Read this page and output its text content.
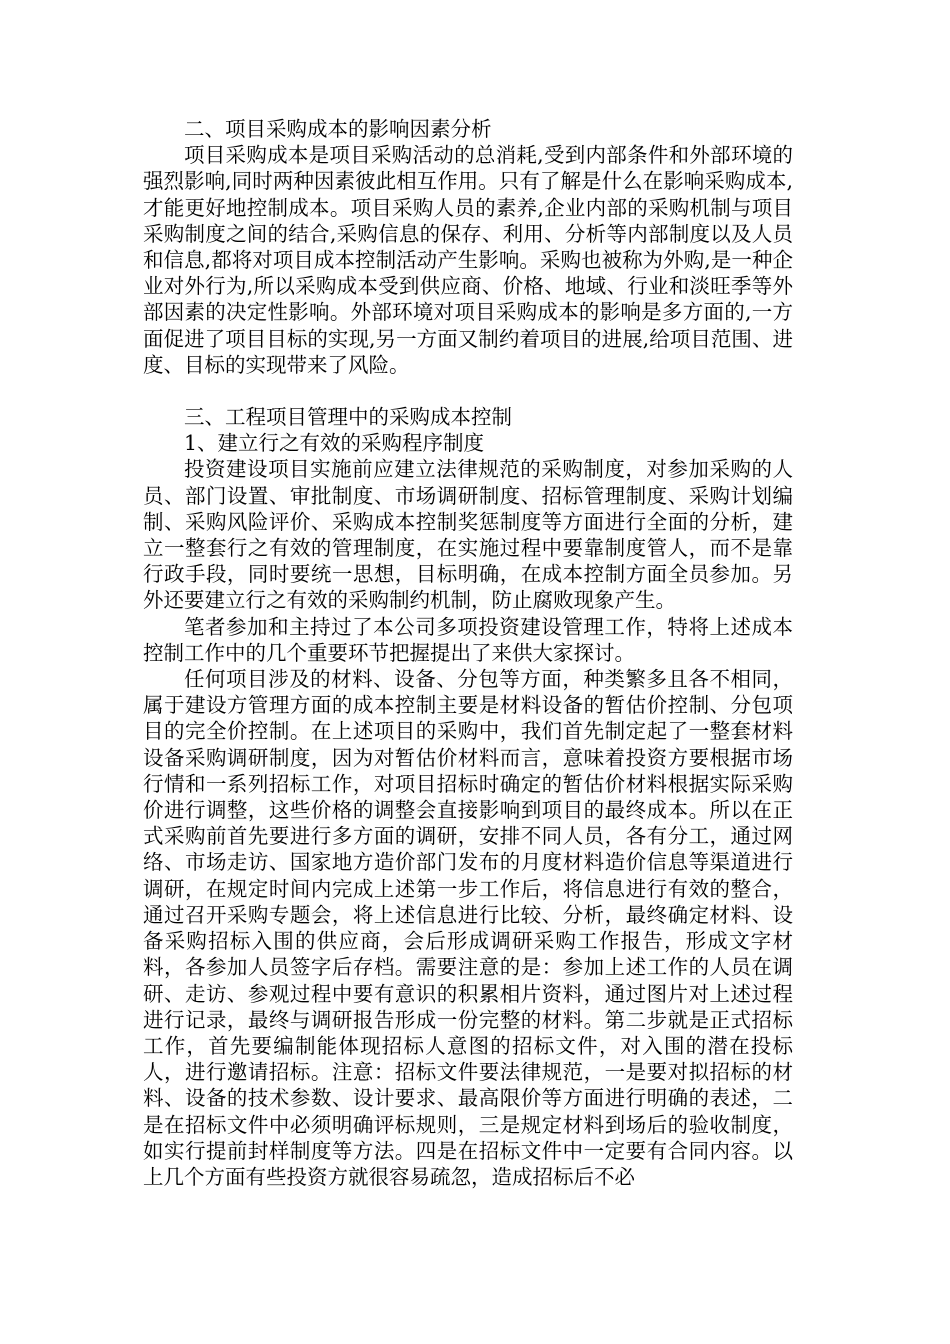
二、项目采购成本的影响因素分析

项目采购成本是项目采购活动的总消耗,受到内部条件和外部环境的强烈影响,同时两种因素彼此相互作用。只有了解是什么在影响采购成本,才能更好地控制成本。项目采购人员的素养,企业内部的采购机制与项目采购制度之间的结合,采购信息的保存、利用、分析等内部制度以及人员和信息,都将对项目成本控制活动产生影响。采购也被称为外购,是一种企业对外行为,所以采购成本受到供应商、价格、地域、行业和淡旺季等外部因素的决定性影响。外部环境对项目采购成本的影响是多方面的,一方面促进了项目目标的实现,另一方面又制约着项目的进展,给项目范围、进度、目标的实现带来了风险。

三、工程项目管理中的采购成本控制

1、建立行之有效的采购程序制度

投资建设项目实施前应建立法律规范的采购制度，对参加采购的人员、部门设置、审批制度、市场调研制度、招标管理制度、采购计划编制、采购风险评价、采购成本控制奖惩制度等方面进行全面的分析，建立一整套行之有效的管理制度，在实施过程中要靠制度管人，而不是靠行政手段，同时要统一思想，目标明确，在成本控制方面全员参加。另外还要建立行之有效的采购制约机制，防止腐败现象产生。

笔者参加和主持过了本公司多项投资建设管理工作，特将上述成本控制工作中的几个重要环节把握提出了来供大家探讨。

任何项目涉及的材料、设备、分包等方面，种类繁多且各不相同，属于建设方管理方面的成本控制主要是材料设备的暂估价控制、分包项目的完全价控制。在上述项目的采购中，我们首先制定起了一整套材料设备采购调研制度，因为对暂估价材料而言，意味着投资方要根据市场行情和一系列招标工作，对项目招标时确定的暂估价材料根据实际采购价进行调整，这些价格的调整会直接影响到项目的最终成本。所以在正式采购前首先要进行多方面的调研，安排不同人员，各有分工，通过网络、市场走访、国家地方造价部门发布的月度材料造价信息等渠道进行调研，在规定时间内完成上述第一步工作后，将信息进行有效的整合，通过召开采购专题会，将上述信息进行比较、分析，最终确定材料、设备采购招标入围的供应商，会后形成调研采购工作报告，形成文字材料，各参加人员签字后存档。需要注意的是：参加上述工作的人员在调研、走访、参观过程中要有意识的积累相片资料，通过图片对上述过程进行记录，最终与调研报告形成一份完整的材料。第二步就是正式招标工作，首先要编制能体现招标人意图的招标文件，对入围的潜在投标人，进行邀请招标。注意：招标文件要法律规范，一是要对拟招标的材料、设备的技术参数、设计要求、最高限价等方面进行明确的表述，二是在招标文件中必须明确评标规则，三是规定材料到场后的验收制度，如实行提前封样制度等方法。四是在招标文件中一定要有合同内容。以上几个方面有些投资方就很容易疏忽，造成招标后不必
